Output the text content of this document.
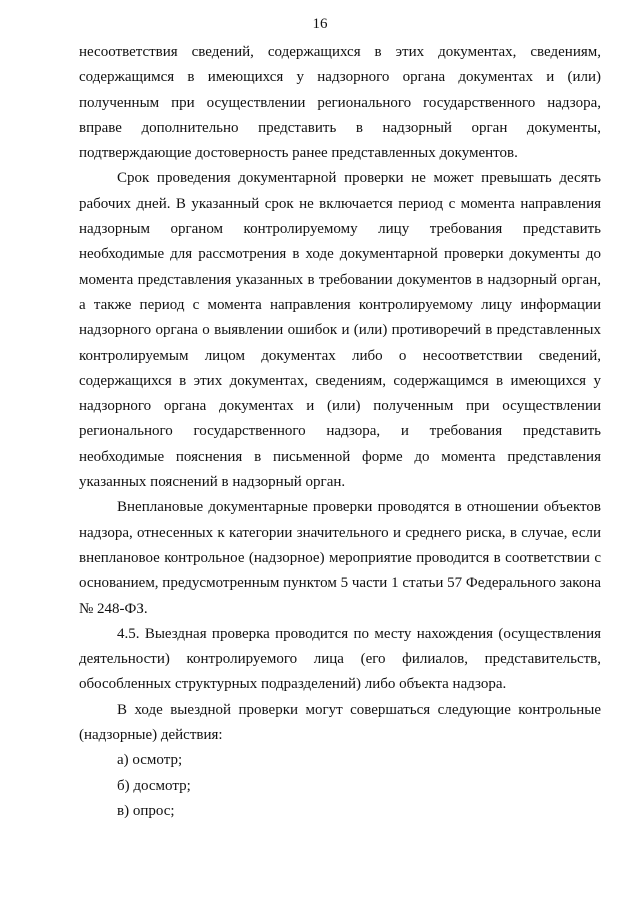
16

несоответствия сведений, содержащихся в этих документах, сведениям, содержащимся в имеющихся у надзорного органа документах и (или) полученным при осуществлении регионального государственного надзора, вправе дополнительно представить в надзорный орган документы, подтверждающие достоверность ранее представленных документов.

Срок проведения документарной проверки не может превышать десять рабочих дней. В указанный срок не включается период с момента направления надзорным органом контролируемому лицу требования представить необходимые для рассмотрения в ходе документарной проверки документы до момента представления указанных в требовании документов в надзорный орган, а также период с момента направления контролируемому лицу информации надзорного органа о выявлении ошибок и (или) противоречий в представленных контролируемым лицом документах либо о несоответствии сведений, содержащихся в этих документах, сведениям, содержащимся в имеющихся у надзорного органа документах и (или) полученным при осуществлении регионального государственного надзора, и требования представить необходимые пояснения в письменной форме до момента представления указанных пояснений в надзорный орган.

Внеплановые документарные проверки проводятся в отношении объектов надзора, отнесенных к категории значительного и среднего риска, в случае, если внеплановое контрольное (надзорное) мероприятие проводится в соответствии с основанием, предусмотренным пунктом 5 части 1 статьи 57 Федерального закона № 248-ФЗ.

4.5. Выездная проверка проводится по месту нахождения (осуществления деятельности) контролируемого лица (его филиалов, представительств, обособленных структурных подразделений) либо объекта надзора.

В ходе выездной проверки могут совершаться следующие контрольные (надзорные) действия:

а) осмотр;

б) досмотр;

в) опрос;
